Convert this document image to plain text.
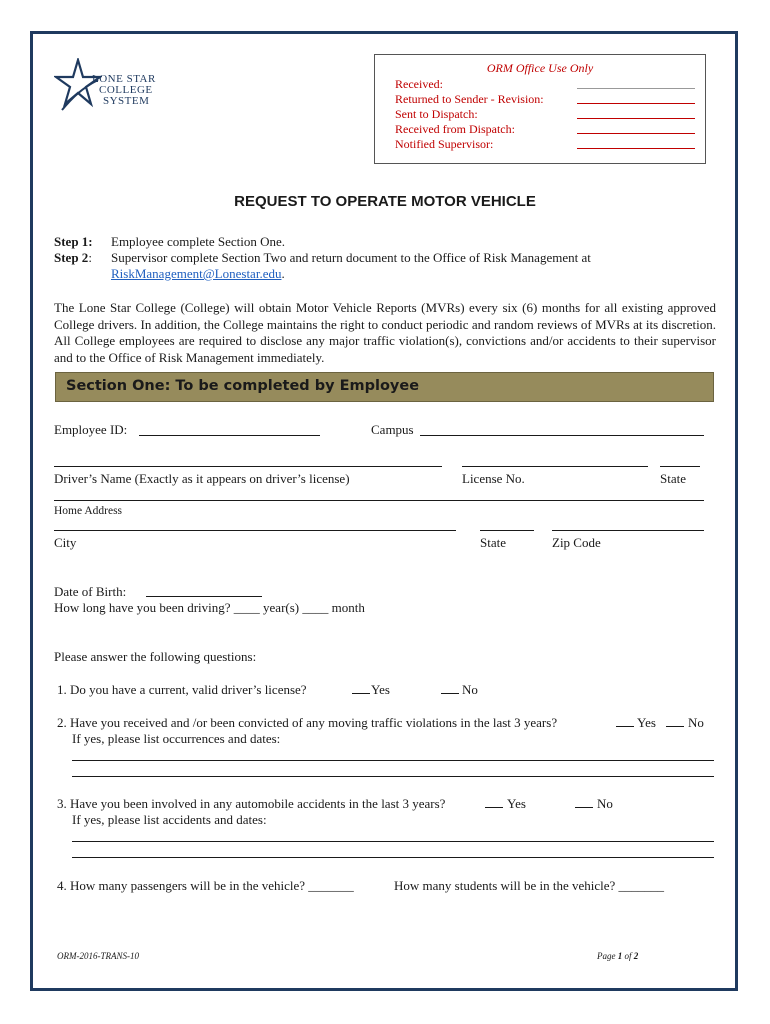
LONE STAR
COLLEGE
SYSTEM
ORM Office Use Only
Received:
Returned to Sender - Revision:
Sent to Dispatch:
Received from Dispatch:
Notified Supervisor:
REQUEST TO OPERATE MOTOR VEHICLE
Step 1: Employee complete Section One.
Step 2: Supervisor complete Section Two and return document to the Office of Risk Management at
RiskManagement@Lonestar.edu.
The Lone Star College (College) will obtain Motor Vehicle Reports (MVRs) every six (6) months for all existing approved College drivers. In addition, the College maintains the right to conduct periodic and random reviews of MVRs at its discretion. All College employees are required to disclose any major traffic violation(s), convictions and/or accidents to their supervisor and to the Office of Risk Management immediately.
Section One: To be completed by Employee
Employee ID:	Campus
Driver’s Name (Exactly as it appears on driver’s license)	License No.	State
Home Address
City	State	Zip Code
Date of Birth:
How long have you been driving? ____ year(s) ____ month
Please answer the following questions:
1. Do you have a current, valid driver’s license?	Yes	No
2. Have you received and /or been convicted of any moving traffic violations in the last 3 years?	Yes No
If yes, please list occurrences and dates:
3. Have you been involved in any automobile accidents in the last 3 years?	Yes	No
If yes, please list accidents and dates:
4. How many passengers will be in the vehicle? _______	How many students will be in the vehicle? _______
ORM-2016-TRANS-10	Page 1 of 2
